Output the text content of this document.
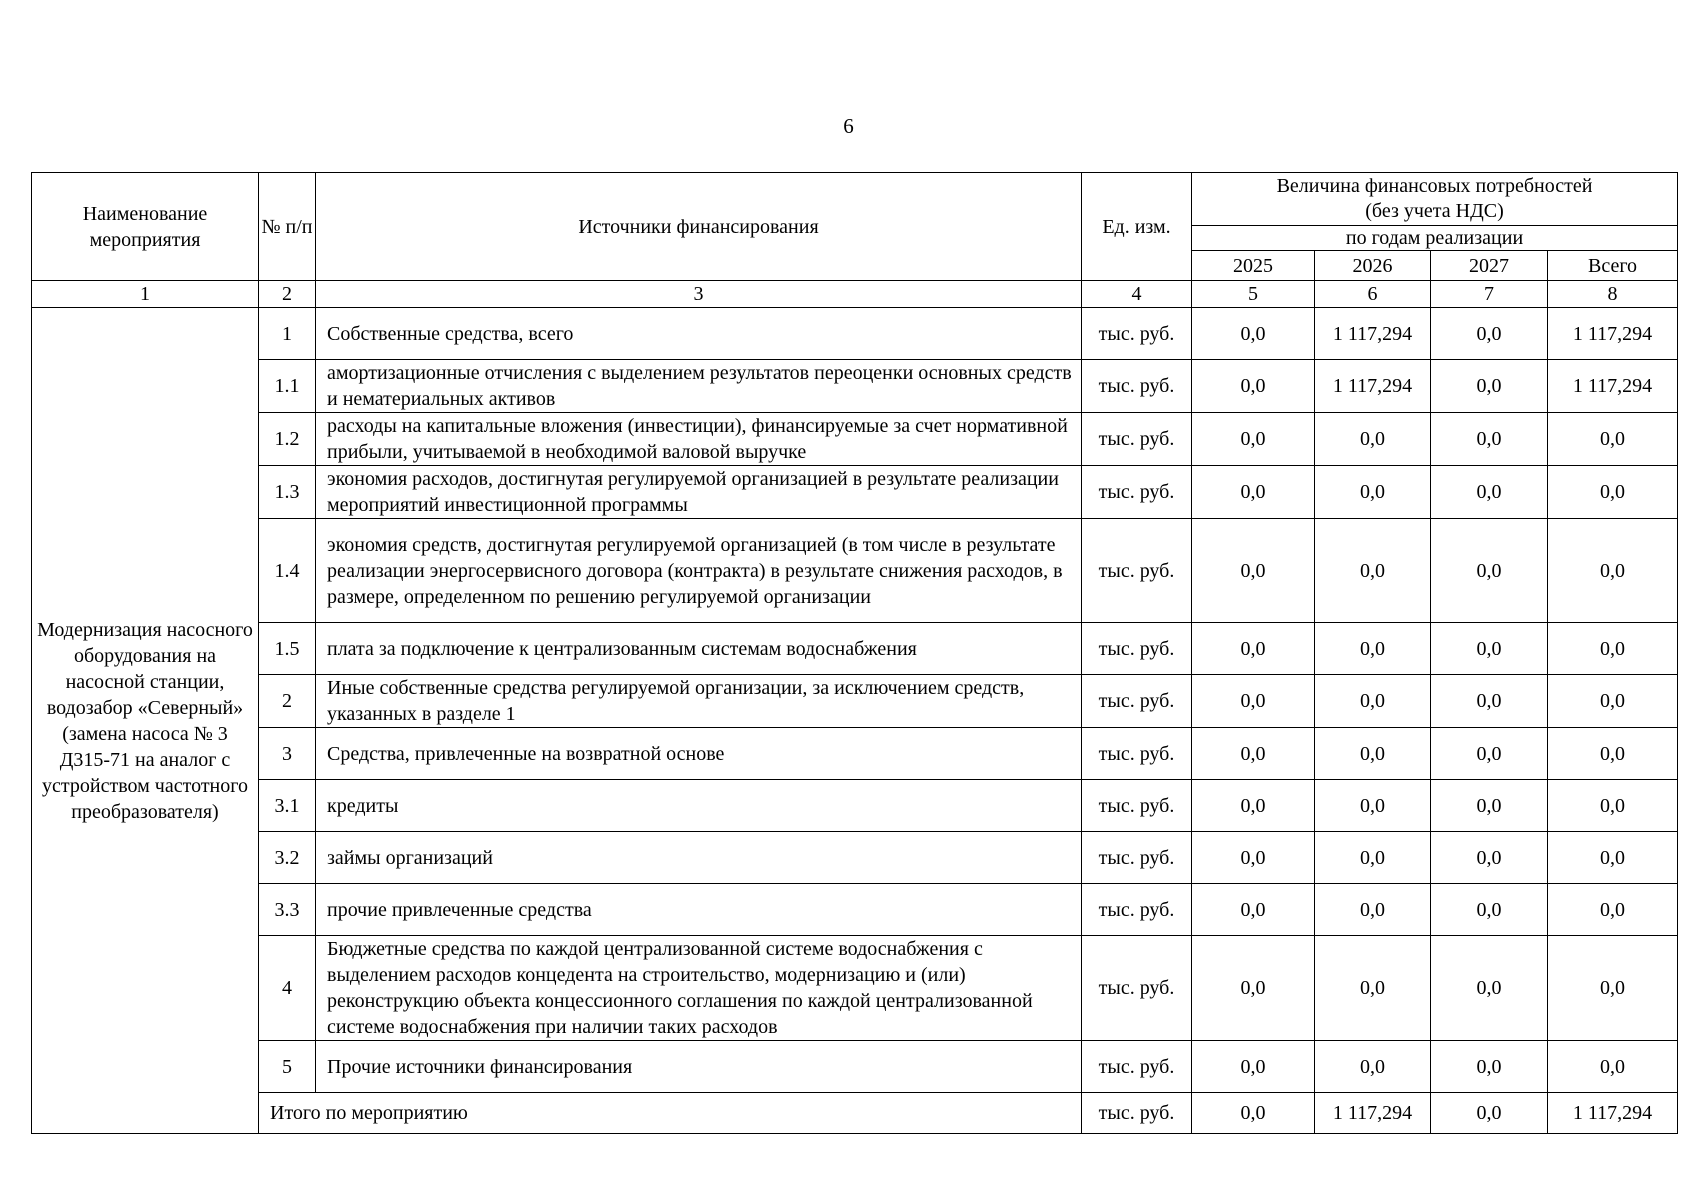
6
Наименование мероприятия	№ п/п	Источники финансирования	Ед. изм.	Величина финансовых потребностей
(без учета НДС)			
				по годам реализации			
				2025	2026	2027	Всего
1	2	3	4	5	6	7	8
Модернизация насосного оборудования на насосной станции, водозабор «Северный» (замена насоса № 3 Д315-71 на аналог с устройством частотного преобразователя)	1	Собственные средства, всего	тыс. руб.	0,0	1 117,294	0,0	1 117,294
	1.1	амортизационные отчисления с выделением результатов переоценки основных средств и нематериальных активов	тыс. руб.	0,0	1 117,294	0,0	1 117,294
	1.2	расходы на капитальные вложения (инвестиции), финансируемые за счет нормативной прибыли, учитываемой в необходимой валовой выручке	тыс. руб.	0,0	0,0	0,0	0,0
	1.3	экономия расходов, достигнутая регулируемой организацией в результате реализации мероприятий инвестиционной программы	тыс. руб.	0,0	0,0	0,0	0,0
	1.4	экономия средств, достигнутая регулируемой организацией (в том числе в результате реализации энергосервисного договора (контракта) в результате снижения расходов, в размере, определенном по решению регулируемой организации	тыс. руб.	0,0	0,0	0,0	0,0
	1.5	плата за подключение к централизованным системам водоснабжения	тыс. руб.	0,0	0,0	0,0	0,0
	2	Иные собственные средства регулируемой организации, за исключением средств, указанных в разделе 1	тыс. руб.	0,0	0,0	0,0	0,0
	3	Средства, привлеченные на возвратной основе	тыс. руб.	0,0	0,0	0,0	0,0
	3.1	кредиты	тыс. руб.	0,0	0,0	0,0	0,0
	3.2	займы организаций	тыс. руб.	0,0	0,0	0,0	0,0
	3.3	прочие привлеченные средства	тыс. руб.	0,0	0,0	0,0	0,0
	4	Бюджетные средства по каждой централизованной системе водоснабжения с выделением расходов концедента на строительство, модернизацию и (или) реконструкцию объекта концессионного соглашения по каждой централизованной системе водоснабжения при наличии таких расходов	тыс. руб.	0,0	0,0	0,0	0,0
	5	Прочие источники финансирования	тыс. руб.	0,0	0,0	0,0	0,0
	Итого по мероприятию		тыс. руб.	0,0	1 117,294	0,0	1 117,294
